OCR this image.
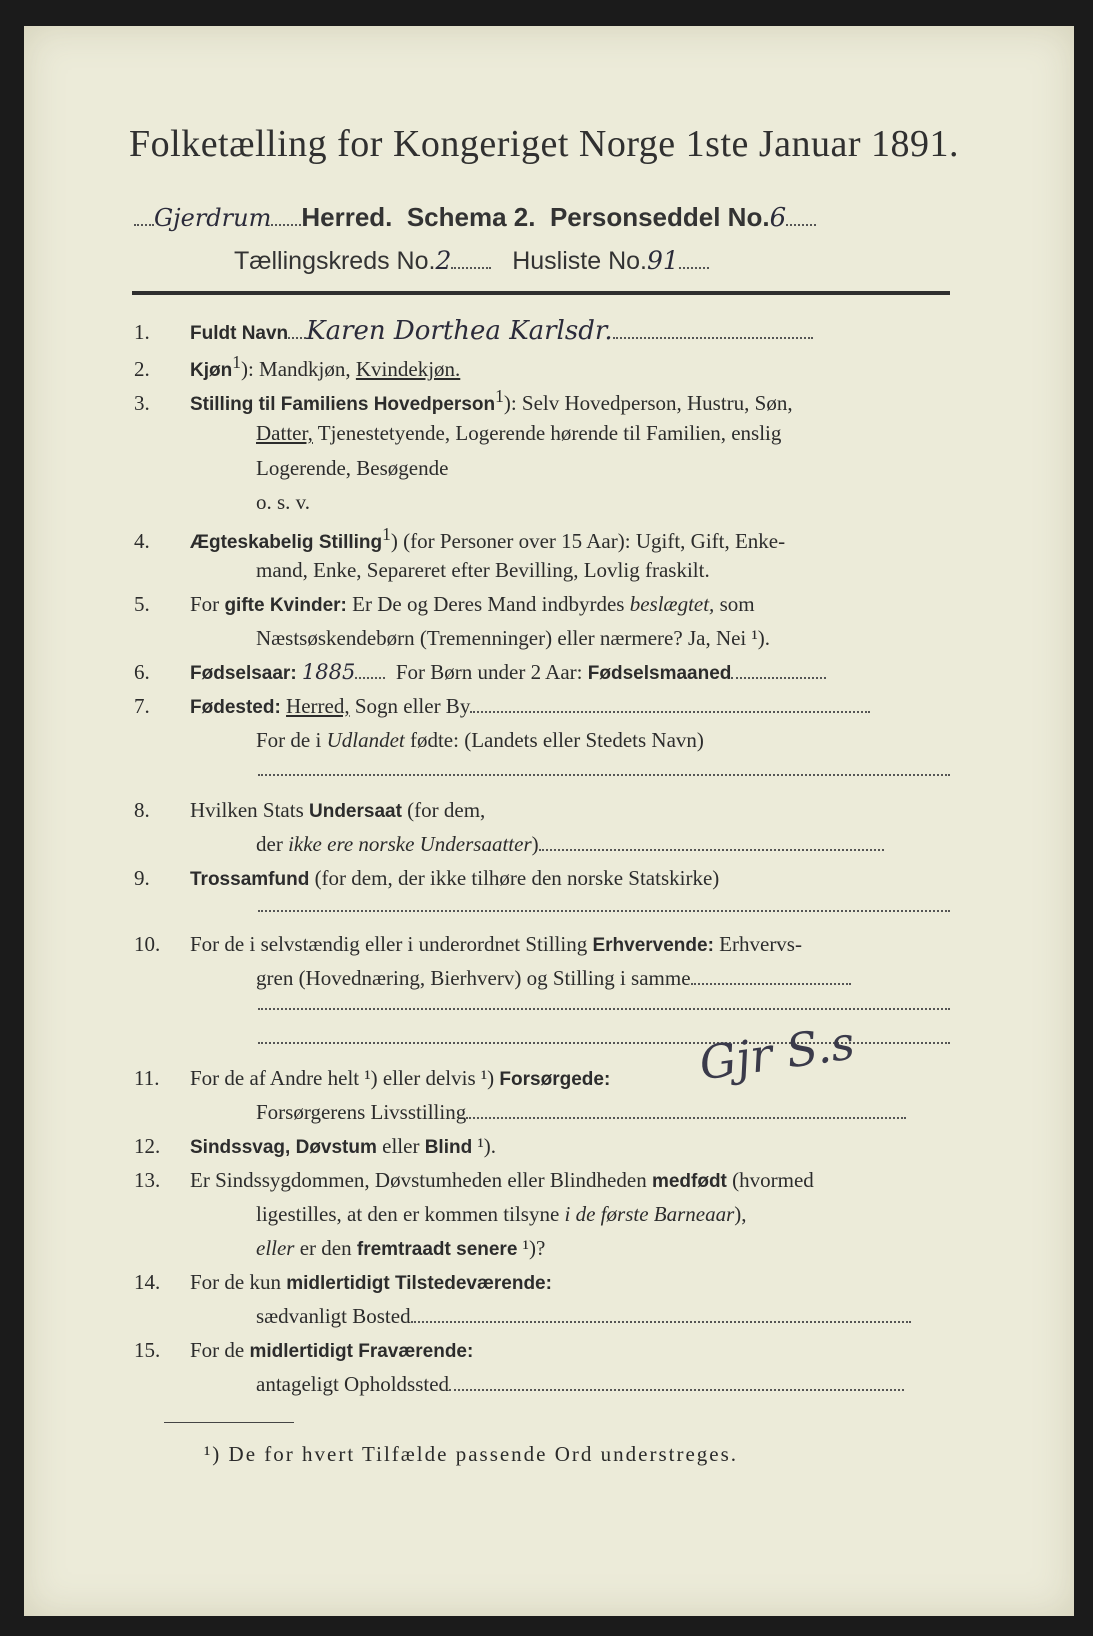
Folketælling for Kongeriget Norge 1ste Januar 1891.
Gjerdrum Herred. Schema 2. Personseddel No.6
Tællingskreds No.2 Husliste No.91
1. Fuldt Navn Karen Dorthea Karlsdr.
2. Kjøn$^1$): Mandkjøn, Kvindekjøn.
3. Stilling til Familiens Hovedperson$^1$): Selv Hovedperson, Hustru, Søn,
Datter, Tjenestetyende, Logerende hørende til Familien, enslig
Logerende, Besøgende
o. s. v.
4. Ægteskabelig Stilling$^1$) (for Personer over 15 Aar): Ugift, Gift, Enke-
mand, Enke, Separeret efter Bevilling, Lovlig fraskilt.
5. For gifte Kvinder: Er De og Deres Mand indbyrdes beslægtet, som
Næstsøskendebørn (Tremenninger) eller nærmere? Ja, Nei ¹).
6. Fødselsaar: 1885 For Børn under 2 Aar: Fødselsmaaned
7. Fødested: Herred, Sogn eller By
For de i Udlandet fødte: (Landets eller Stedets Navn)
8. Hvilken Stats Undersaat (for dem,
der ikke ere norske Undersaatter)
9. Trossamfund (for dem, der ikke tilhøre den norske Statskirke)
10. For de i selvstændig eller i underordnet Stilling Erhvervende: Erhvervs-
gren (Hovednæring, Bierhverv) og Stilling i samme
11. For de af Andre helt ¹) eller delvis ¹) Forsørgede: Gjr S.s
Forsørgerens Livsstilling
12. Sindssvag, Døvstum eller Blind ¹).
13. Er Sindssygdommen, Døvstumheden eller Blindheden medfødt (hvormed
ligestilles, at den er kommen tilsyne i de første Barneaar),
eller er den fremtraadt senere ¹)?
14. For de kun midlertidigt Tilstedeværende:
sædvanligt Bosted
15. For de midlertidigt Fraværende:
antageligt Opholdssted
¹) De for hvert Tilfælde passende Ord understreges.
